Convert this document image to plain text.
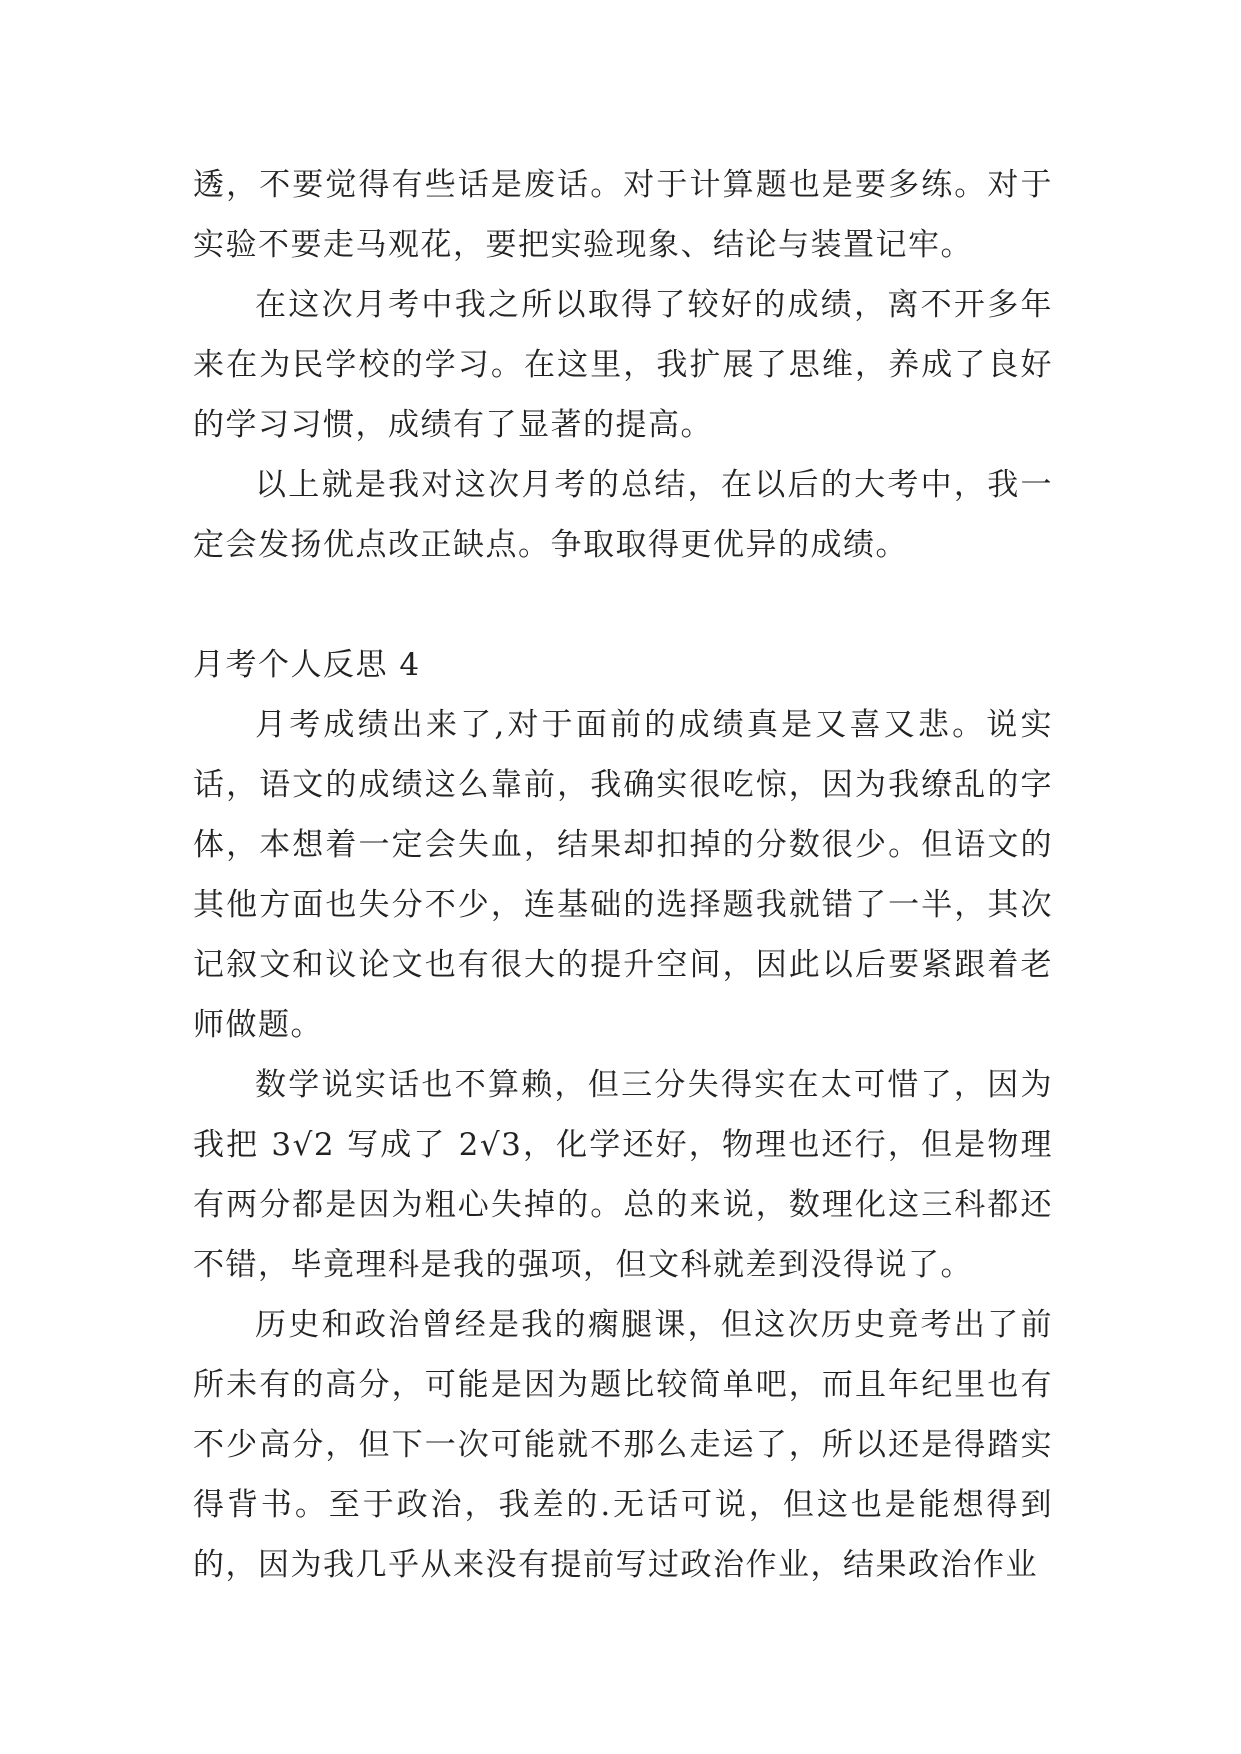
透，不要觉得有些话是废话。对于计算题也是要多练。对于实验不要走马观花，要把实验现象、结论与装置记牢。

在这次月考中我之所以取得了较好的成绩，离不开多年来在为民学校的学习。在这里，我扩展了思维，养成了良好的学习习惯，成绩有了显著的提高。

以上就是我对这次月考的总结，在以后的大考中，我一定会发扬优点改正缺点。争取取得更优异的成绩。

月考个人反思 4

月考成绩出来了,对于面前的成绩真是又喜又悲。说实话，语文的成绩这么靠前，我确实很吃惊，因为我缭乱的字体，本想着一定会失血，结果却扣掉的分数很少。但语文的其他方面也失分不少，连基础的选择题我就错了一半，其次记叙文和议论文也有很大的提升空间，因此以后要紧跟着老师做题。

数学说实话也不算赖，但三分失得实在太可惜了，因为我把 3√2 写成了 2√3，化学还好，物理也还行，但是物理有两分都是因为粗心失掉的。总的来说，数理化这三科都还不错，毕竟理科是我的强项，但文科就差到没得说了。

历史和政治曾经是我的瘸腿课，但这次历史竟考出了前所未有的高分，可能是因为题比较简单吧，而且年纪里也有不少高分，但下一次可能就不那么走运了，所以还是得踏实得背书。至于政治，我差的.无话可说，但这也是能想得到的，因为我几乎从来没有提前写过政治作业，结果政治作业
